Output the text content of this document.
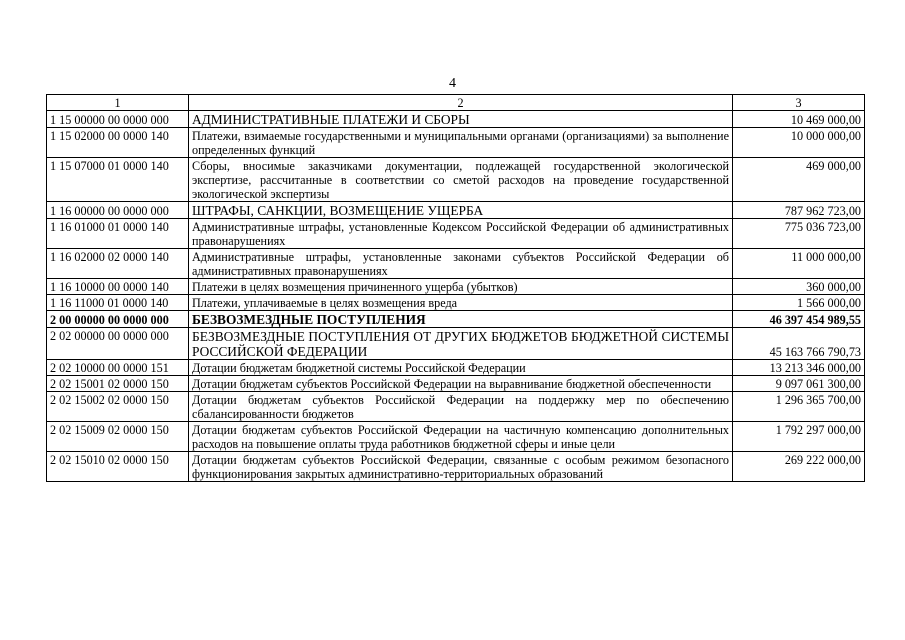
4
1	2	3
1 15 00000 00 0000 000	АДМИНИСТРАТИВНЫЕ ПЛАТЕЖИ И СБОРЫ	10 469 000,00
1 15 02000 00 0000 140	Платежи, взимаемые государственными и муниципальными органами (организациями) за выполнение определенных функций	10 000 000,00
1 15 07000 01 0000 140	Сборы, вносимые заказчиками документации, подлежащей государственной экологической экспертизе, рассчитанные в соответствии со сметой расходов на проведение государственной экологической экспертизы	469 000,00
1 16 00000 00 0000 000	ШТРАФЫ, САНКЦИИ, ВОЗМЕЩЕНИЕ УЩЕРБА	787 962 723,00
1 16 01000 01 0000 140	Административные штрафы, установленные Кодексом Российской Федерации об административных правонарушениях	775 036 723,00
1 16 02000 02 0000 140	Административные штрафы, установленные законами субъектов Российской Федерации об административных правонарушениях	11 000 000,00
1 16 10000 00 0000 140	Платежи в целях возмещения причиненного ущерба (убытков)	360 000,00
1 16 11000 01 0000 140	Платежи, уплачиваемые в целях возмещения вреда	1 566 000,00
2 00 00000 00 0000 000	БЕЗВОЗМЕЗДНЫЕ ПОСТУПЛЕНИЯ	46 397 454 989,55
2 02 00000 00 0000 000	БЕЗВОЗМЕЗДНЫЕ ПОСТУПЛЕНИЯ ОТ ДРУГИХ БЮДЖЕТОВ БЮДЖЕТНОЙ СИСТЕМЫ РОССИЙСКОЙ ФЕДЕРАЦИИ	45 163 766 790,73
2 02 10000 00 0000 151	Дотации бюджетам бюджетной системы Российской Федерации	13 213 346 000,00
2 02 15001 02 0000 150	Дотации бюджетам субъектов Российской Федерации на выравнивание бюджетной обеспеченности	9 097 061 300,00
2 02 15002 02 0000 150	Дотации бюджетам субъектов Российской Федерации на поддержку мер по обеспечению сбалансированности бюджетов	1 296 365 700,00
2 02 15009 02 0000 150	Дотации бюджетам субъектов Российской Федерации на частичную компенсацию дополнительных расходов на повышение оплаты труда работников бюджетной сферы и иные цели	1 792 297 000,00
2 02 15010 02 0000 150	Дотации бюджетам субъектов Российской Федерации, связанные с особым режимом безопасного функционирования закрытых административно-территориальных образований	269 222 000,00
